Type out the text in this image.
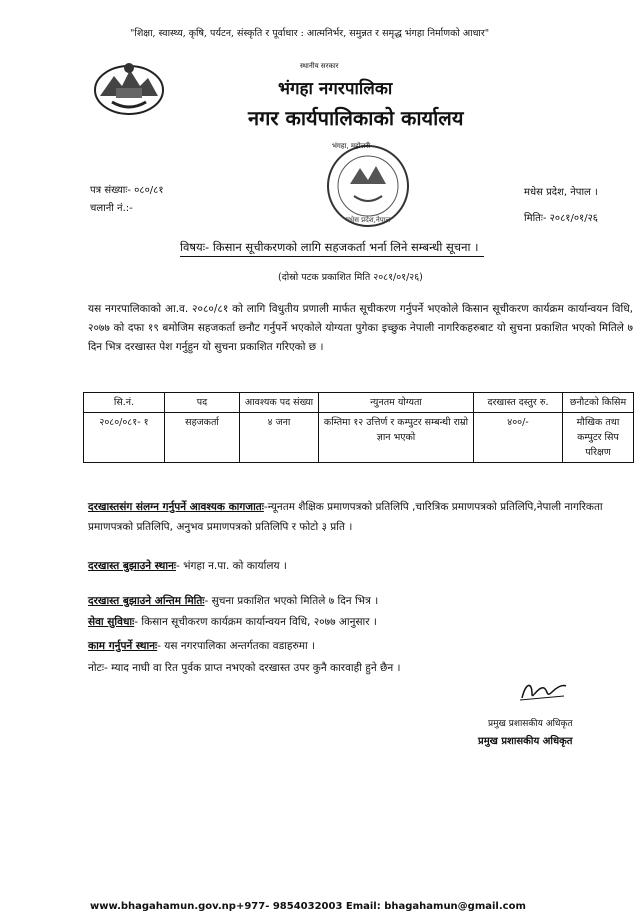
"शिक्षा, स्वास्थ्य, कृषि, पर्यटन, संस्कृति र पूर्वाधार : आत्मनिर्भर, समुन्नत र समृद्ध भंगहा निर्माणको आधार"
स्थानीय सरकार
भंगहा नगरपालिका
नगर कार्यपालिकाको कार्यालय
मधेस प्रदेश,नेपाल
भंगहा, महोत्तरी
पत्र संख्याः- ०८०/८१
चलानी नं.:-
मधेस प्रदेश, नेपाल ।
मितिः- २०८१/०१/२६
विषयः- किसान सूचीकरणको लागि सहजकर्ता भर्ना लिने सम्बन्धी सूचना ।
(दोस्रो पटक प्रकाशित मिति २०८१/०१/२६)
यस नगरपालिकाको आ.व. २०८०/८१ को लागि विधुतीय प्रणाली मार्फत सूचीकरण गर्नुपर्ने भएकोले किसान सूचीकरण कार्यक्रम कार्यान्वयन विधि, २०७७ को दफा १९ बमोजिम सहजकर्ता छनौट गर्नुपर्ने भएकोले योग्यता पुगेका इच्छुक नेपाली नागरिकहरुबाट यो सुचना प्रकाशित भएको मितिले ७ दिन भित्र दरखास्त पेश गर्नुहुन यो सुचना प्रकाशित गरिएको छ ।
सि.नं.	पद	आवश्यक पद संख्या	न्युनतम योग्यता	दरखास्त दस्तुर रु.	छनौटको किसिम
२०८०/०८१- १	सहजकर्ता	४ जना	कम्तिमा १२ उत्तिर्ण र कम्पुटर सम्बन्धी राम्रो ज्ञान भएको	४००/-	मौखिक तथा कम्पुटर सिप परिक्षण
दरखास्तसंग संलग्न गर्नुपर्ने आवश्यक कागजातः-न्यूनतम शैक्षिक प्रमाणपत्रको प्रतिलिपि ,चारित्रिक प्रमाणपत्रको प्रतिलिपि,नेपाली नागरिकता प्रमाणपत्रको प्रतिलिपि, अनुभव प्रमाणपत्रको प्रतिलिपि र फोटो ३ प्रति ।
दरखास्त बुझाउने स्थानः- भंगहा न.पा. को कार्यालय ।
दरखास्त बुझाउने अन्तिम मितिः- सुचना प्रकाशित भएको मितिले ७ दिन भित्र ।
सेवा सुविधाः- किसान सूचीकरण कार्यक्रम कार्यान्वयन विधि, २०७७ आनुसार ।
काम गर्नुपर्ने स्थानः- यस नगरपालिका अन्तर्गतका वडाहरुमा ।
नोटः- म्याद नाघी वा रित पुर्वक प्राप्त नभएको दरखास्त उपर कुनै कारवाही हुने छैन ।
प्रमुख प्रशासकीय अधिकृत
प्रमुख प्रशासकीय अधिकृत
www.bhagahamun.gov.np+977- 9854032003 Email: bhagahamun@gmail.com
